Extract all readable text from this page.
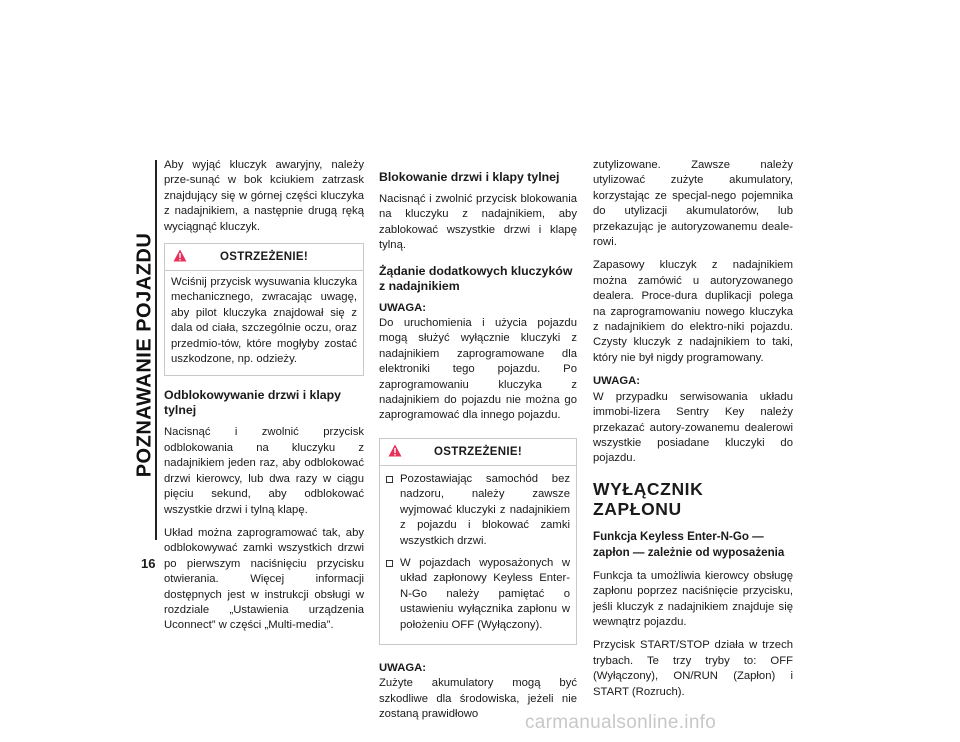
POZNAWANIE POJAZDU
16

Aby wyjąć kluczyk awaryjny, należy prze-sunąć w bok kciukiem zatrzask znajdujący się w górnej części kluczyka z nadajnikiem, a następnie drugą ręką wyciągnąć kluczyk.

OSTRZEŻENIE!

Wciśnij przycisk wysuwania kluczyka mechanicznego, zwracając uwagę, aby pilot kluczyka znajdował się z dala od ciała, szczególnie oczu, oraz przedmio-tów, które mogłyby zostać uszkodzone, np. odzieży.

Odblokowywanie drzwi i klapy tylnej

Nacisnąć i zwolnić przycisk odblokowania na kluczyku z nadajnikiem jeden raz, aby odblokować drzwi kierowcy, lub dwa razy w ciągu pięciu sekund, aby odblokować wszystkie drzwi i tylną klapę.

Układ można zaprogramować tak, aby odblokowywać zamki wszystkich drzwi po pierwszym naciśnięciu przycisku otwierania. Więcej informacji dostępnych jest w instrukcji obsługi w rozdziale „Ustawienia urządzenia Uconnect” w części „Multi-media”.

Blokowanie drzwi i klapy tylnej

Nacisnąć i zwolnić przycisk blokowania na kluczyku z nadajnikiem, aby zablokować wszystkie drzwi i klapę tylną.

Żądanie dodatkowych kluczyków z nadajnikiem
UWAGA:

Do uruchomienia i użycia pojazdu mogą służyć wyłącznie kluczyki z nadajnikiem zaprogramowane dla elektroniki tego pojazdu. Po zaprogramowaniu kluczyka z nadajnikiem do pojazdu nie można go zaprogramować dla innego pojazdu.

OSTRZEŻENIE!
Pozostawiając samochód bez nadzoru, należy zawsze wyjmować kluczyki z nadajnikiem z pojazdu i blokować zamki wszystkich drzwi.
W pojazdach wyposażonych w układ zapłonowy Keyless Enter-N-Go należy pamiętać o ustawieniu wyłącznika zapłonu w położeniu OFF (Wyłączony).
UWAGA:

Zużyte akumulatory mogą być szkodliwe dla środowiska, jeżeli nie zostaną prawidłowo

zutylizowane. Zawsze należy utylizować zużyte akumulatory, korzystając ze specjal-nego pojemnika do utylizacji akumulatorów, lub przekazując je autoryzowanemu deale-rowi.

Zapasowy kluczyk z nadajnikiem można zamówić u autoryzowanego dealera. Proce-dura duplikacji polega na zaprogramowaniu nowego kluczyka z nadajnikiem do elektro-niki pojazdu. Czysty kluczyk z nadajnikiem to taki, który nie był nigdy programowany.

UWAGA:

W przypadku serwisowania układu immobi-lizera Sentry Key należy przekazać autory-zowanemu dealerowi wszystkie posiadane kluczyki do pojazdu.

WYŁĄCZNIK ZAPŁONU
Funkcja Keyless Enter-N-Go — zapłon — zależnie od wyposażenia

Funkcja ta umożliwia kierowcy obsługę zapłonu poprzez naciśnięcie przycisku, jeśli kluczyk z nadajnikiem znajduje się wewnątrz pojazdu.

Przycisk START/STOP działa w trzech trybach. Te trzy tryby to: OFF (Wyłączony), ON/RUN (Zapłon) i START (Rozruch).

carmanualsonline.info
